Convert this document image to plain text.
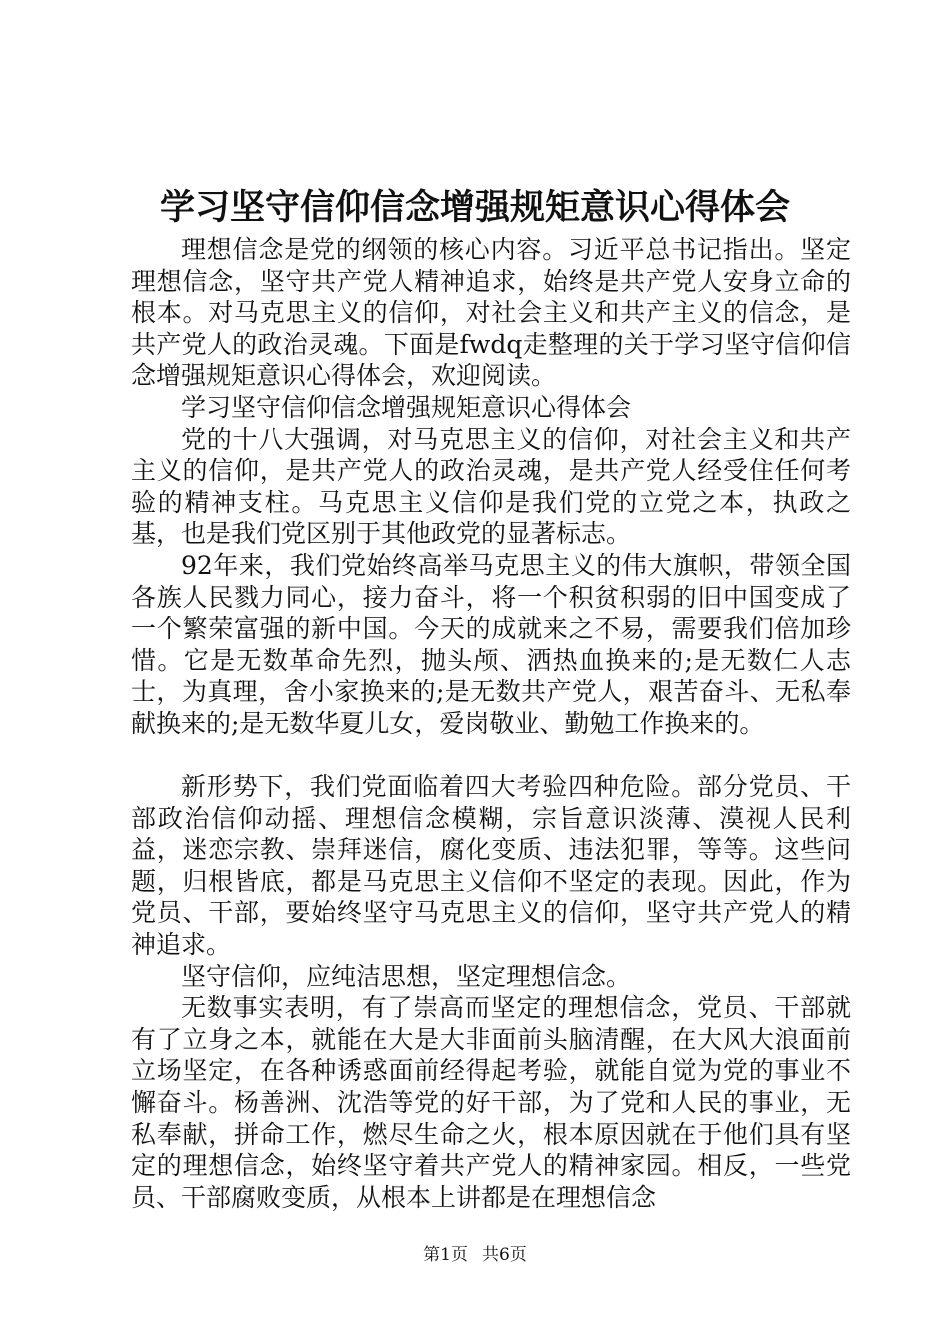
学习坚守信仰信念增强规矩意识心得体会

理想信念是党的纲领的核心内容。习近平总书记指出。坚定理想信念，坚守共产党人精神追求，始终是共产党人安身立命的根本。对马克思主义的信仰，对社会主义和共产主义的信念，是共产党人的政治灵魂。下面是fwdq走整理的关于学习坚守信仰信念增强规矩意识心得体会，欢迎阅读。

学习坚守信仰信念增强规矩意识心得体会

党的十八大强调，对马克思主义的信仰，对社会主义和共产主义的信仰，是共产党人的政治灵魂，是共产党人经受住任何考验的精神支柱。马克思主义信仰是我们党的立党之本，执政之基，也是我们党区别于其他政党的显著标志。

92年来，我们党始终高举马克思主义的伟大旗帜，带领全国各族人民戮力同心，接力奋斗，将一个积贫积弱的旧中国变成了一个繁荣富强的新中国。今天的成就来之不易，需要我们倍加珍惜。它是无数革命先烈，抛头颅、洒热血换来的;是无数仁人志士，为真理，舍小家换来的;是无数共产党人，艰苦奋斗、无私奉献换来的;是无数华夏儿女，爱岗敬业、勤勉工作换来的。

新形势下，我们党面临着四大考验四种危险。部分党员、干部政治信仰动摇、理想信念模糊，宗旨意识淡薄、漠视人民利益，迷恋宗教、崇拜迷信，腐化变质、违法犯罪，等等。这些问题，归根皆底，都是马克思主义信仰不坚定的表现。因此，作为党员、干部，要始终坚守马克思主义的信仰，坚守共产党人的精神追求。

坚守信仰，应纯洁思想，坚定理想信念。

无数事实表明，有了崇高而坚定的理想信念，党员、干部就有了立身之本，就能在大是大非面前头脑清醒，在大风大浪面前立场坚定，在各种诱惑面前经得起考验，就能自觉为党的事业不懈奋斗。杨善洲、沈浩等党的好干部，为了党和人民的事业，无私奉献，拼命工作，燃尽生命之火，根本原因就在于他们具有坚定的理想信念，始终坚守着共产党人的精神家园。相反，一些党员、干部腐败变质，从根本上讲都是在理想信念

第1页 共6页
